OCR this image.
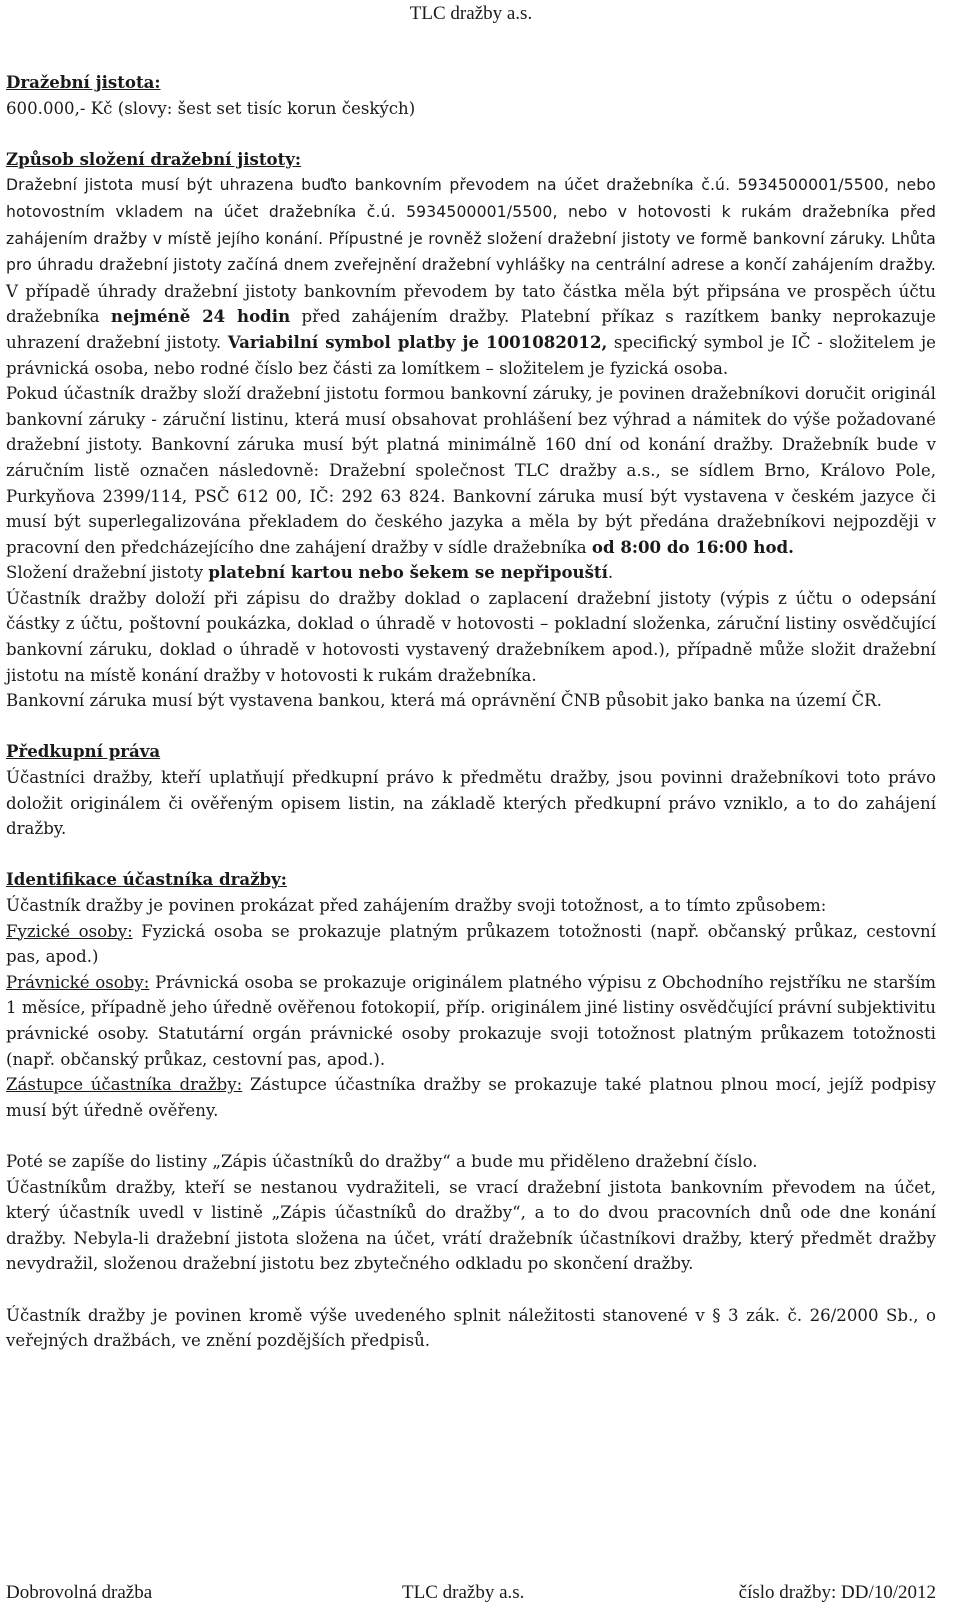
TLC dražby a.s.

Dražební jistota:

600.000,- Kč (slovy: šest set tisíc korun českých)

Způsob složení dražební jistoty:

Dražební jistota musí být uhrazena buďto bankovním převodem na účet dražebníka č.ú. 5934500001/5500, nebo hotovostním vkladem na účet dražebníka č.ú. 5934500001/5500, nebo v hotovosti k rukám dražebníka před zahájením dražby v místě jejího konání. Přípustné je rovněž složení dražební jistoty ve formě bankovní záruky. Lhůta pro úhradu dražební jistoty začíná dnem zveřejnění dražební vyhlášky na centrální adrese a končí zahájením dražby. V případě úhrady dražební jistoty bankovním převodem by tato částka měla být připsána ve prospěch účtu dražebníka nejméně 24 hodin před zahájením dražby. Platební příkaz s razítkem banky neprokazuje uhrazení dražební jistoty. Variabilní symbol platby je 1001082012, specifický symbol je IČ - složitelem je právnická osoba, nebo rodné číslo bez části za lomítkem – složitelem je fyzická osoba.

Pokud účastník dražby složí dražební jistotu formou bankovní záruky, je povinen dražebníkovi doručit originál bankovní záruky - záruční listinu, která musí obsahovat prohlášení bez výhrad a námitek do výše požadované dražební jistoty. Bankovní záruka musí být platná minimálně 160 dní od konání dražby. Dražebník bude v záručním listě označen následovně: Dražební společnost TLC dražby a.s., se sídlem Brno, Královo Pole, Purkyňova 2399/114, PSČ 612 00, IČ: 292 63 824. Bankovní záruka musí být vystavena v českém jazyce či musí být superlegalizována překladem do českého jazyka a měla by být předána dražebníkovi nejpozději v pracovní den předcházejícího dne zahájení dražby v sídle dražebníka od 8:00 do 16:00 hod.

Složení dražební jistoty platební kartou nebo šekem se nepřipouští.

Účastník dražby doloží při zápisu do dražby doklad o zaplacení dražební jistoty (výpis z účtu o odepsání částky z účtu, poštovní poukázka, doklad o úhradě v hotovosti – pokladní složenka, záruční listiny osvědčující bankovní záruku, doklad o úhradě v hotovosti vystavený dražebníkem apod.), případně může složit dražební jistotu na místě konání dražby v hotovosti k rukám dražebníka.

Bankovní záruka musí být vystavena bankou, která má oprávnění ČNB působit jako banka na území ČR.

Předkupní práva

Účastníci dražby, kteří uplatňují předkupní právo k předmětu dražby, jsou povinni dražebníkovi toto právo doložit originálem či ověřeným opisem listin, na základě kterých předkupní právo vzniklo, a to do zahájení dražby.

Identifikace účastníka dražby:

Účastník dražby je povinen prokázat před zahájením dražby svoji totožnost, a to tímto způsobem:

Fyzické osoby: Fyzická osoba se prokazuje platným průkazem totožnosti (např. občanský průkaz, cestovní pas, apod.)

Právnické osoby: Právnická osoba se prokazuje originálem platného výpisu z Obchodního rejstříku ne starším 1 měsíce, případně jeho úředně ověřenou fotokopií, příp. originálem jiné listiny osvědčující právní subjektivitu právnické osoby. Statutární orgán právnické osoby prokazuje svoji totožnost platným průkazem totožnosti (např. občanský průkaz, cestovní pas, apod.).

Zástupce účastníka dražby: Zástupce účastníka dražby se prokazuje také platnou plnou mocí, jejíž podpisy musí být úředně ověřeny.

Poté se zapíše do listiny „Zápis účastníků do dražby“ a bude mu přiděleno dražební číslo.

Účastníkům dražby, kteří se nestanou vydražiteli, se vrací dražební jistota bankovním převodem na účet, který účastník uvedl v listině „Zápis účastníků do dražby“, a to do dvou pracovních dnů ode dne konání dražby. Nebyla-li dražební jistota složena na účet, vrátí dražebník účastníkovi dražby, který předmět dražby nevydražil, složenou dražební jistotu bez zbytečného odkladu po skončení dražby.

Účastník dražby je povinen kromě výše uvedeného splnit náležitosti stanovené v § 3 zák. č. 26/2000 Sb., o veřejných dražbách, ve znění pozdějších předpisů.

Dobrovolná dražba	TLC dražby a.s.	číslo dražby: DD/10/2012
